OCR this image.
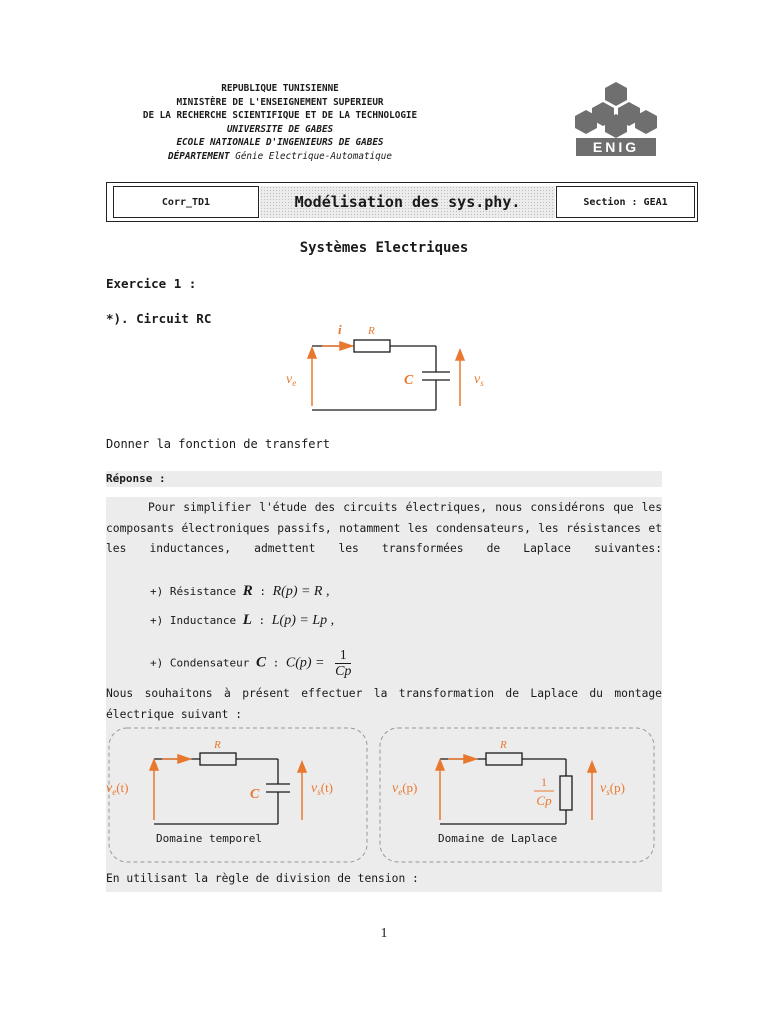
REPUBLIQUE TUNISIENNE
MINISTÈRE DE L'ENSEIGNEMENT SUPERIEUR
DE LA RECHERCHE SCIENTIFIQUE ET DE LA TECHNOLOGIE
UNIVERSITE DE GABES
ECOLE NATIONALE D'INGENIEURS DE GABES
DÉPARTEMENT Génie Electrique-Automatique
ENIG
Corr_TD1	Modélisation des sys.phy.	Section : GEA1
Systèmes Electriques
Exercice 1 :
*). Circuit RC
i R
C
$v_e$	$v_s$
Donner la fonction de transfert
Réponse :
Pour simplifier l'étude des circuits électriques, nous considérons que les composants électroniques passifs, notamment les condensateurs, les résistances et les inductances, admettent les transformées de Laplace suivantes:
+) Résistance R : R(p) = R ,
+) Inductance L : L(p) = Lp ,
+) Condensateur C : $C(p) = \frac{1}{Cp}$
Nous souhaitons à présent effectuer la transformation de Laplace du montage électrique suivant :
R
C
$v_e(t)$	$v_s(t)$
Domaine temporel
R
1
Cp
$v_e(p)$	$v_s(p)$
Domaine de Laplace
En utilisant la règle de division de tension :
1
